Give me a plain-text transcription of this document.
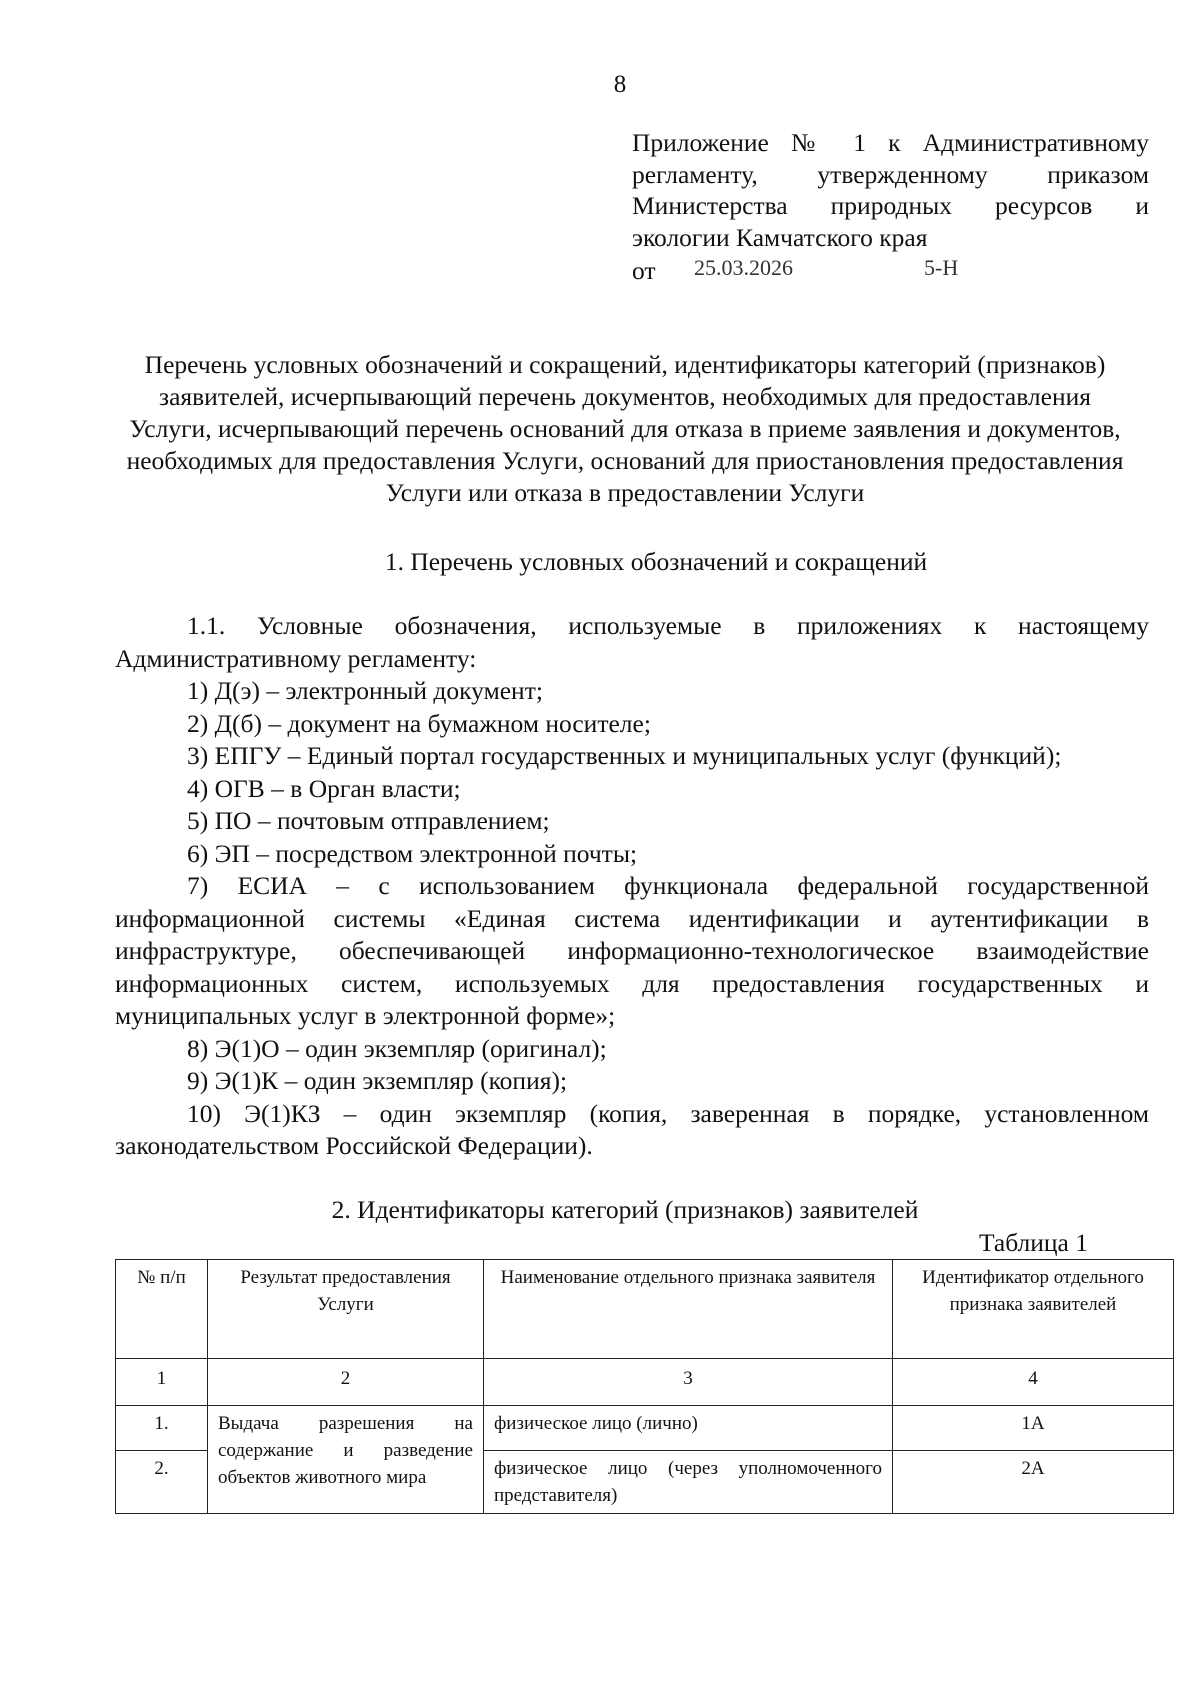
8
Приложение № 1 к Административному
регламенту, утвержденному приказом
Министерства природных ресурсов и
экологии Камчатского края
от	25.03.2026	5-Н
Перечень условных обозначений и сокращений, идентификаторы категорий (признаков) заявителей, исчерпывающий перечень документов, необходимых для предоставления Услуги, исчерпывающий перечень оснований для отказа в приеме заявления и документов, необходимых для предоставления Услуги, оснований для приостановления предоставления Услуги или отказа в предоставлении Услуги
1. Перечень условных обозначений и сокращений
1.1. Условные обозначения, используемые в приложениях к настоящему Административному регламенту:
1) Д(э) – электронный документ;
2) Д(б) – документ на бумажном носителе;
3) ЕПГУ – Единый портал государственных и муниципальных услуг (функций);
4) ОГВ – в Орган власти;
5) ПО – почтовым отправлением;
6) ЭП – посредством электронной почты;
7) ЕСИА – с использованием функционала федеральной государственной информационной системы «Единая система идентификации и аутентификации в инфраструктуре, обеспечивающей информационно-технологическое взаимодействие информационных систем, используемых для предоставления государственных и муниципальных услуг в электронной форме»;
8) Э(1)О – один экземпляр (оригинал);
9) Э(1)К – один экземпляр (копия);
10) Э(1)КЗ – один экземпляр (копия, заверенная в порядке, установленном законодательством Российской Федерации).
2. Идентификаторы категорий (признаков) заявителей
Таблица 1
№ п/п	Результат предоставления Услуги	Наименование отдельного признака заявителя	Идентификатор отдельного признака заявителей
1	2	3	4
1.	Выдача разрешения на содержание и разведение объектов животного мира	физическое лицо (лично)	1А
2.		физическое лицо (через уполномоченного представителя)	2А
